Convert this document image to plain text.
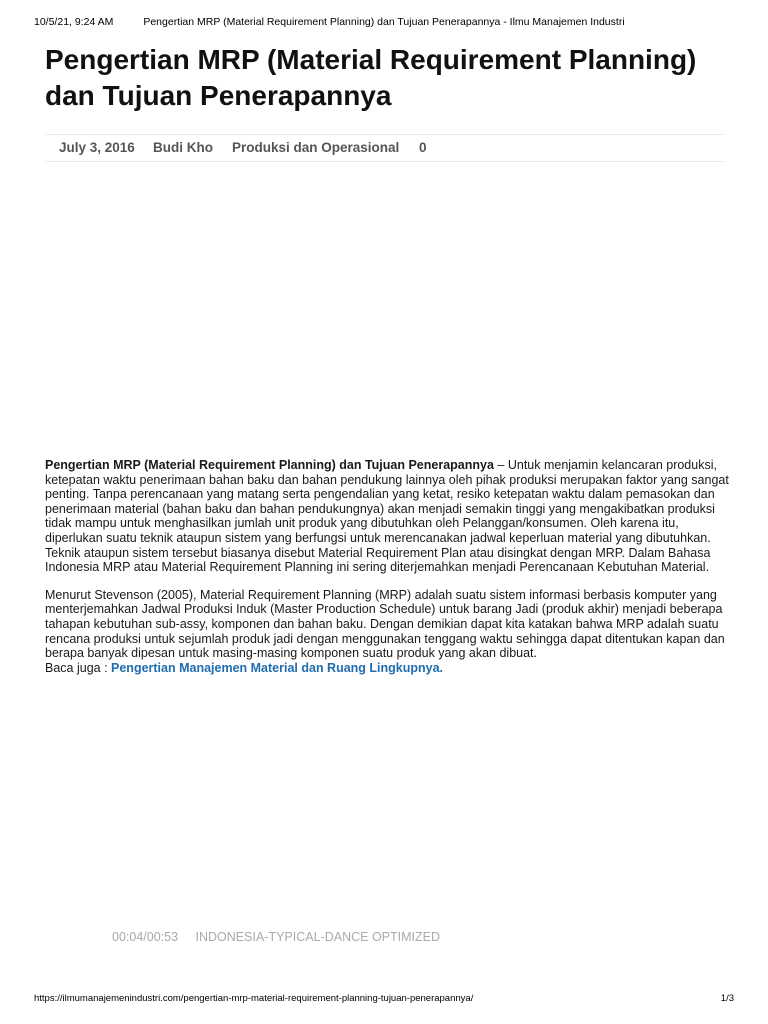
10/5/21, 9:24 AM	Pengertian MRP (Material Requirement Planning) dan Tujuan Penerapannya - Ilmu Manajemen Industri
Pengertian MRP (Material Requirement Planning) dan Tujuan Penerapannya
July 3, 2016 Budi Kho Produksi dan Operasional 0

Pengertian MRP (Material Requirement Planning) dan Tujuan Penerapannya – Untuk menjamin kelancaran produksi, ketepatan waktu penerimaan bahan baku dan bahan pendukung lainnya oleh pihak produksi merupakan faktor yang sangat penting. Tanpa perencanaan yang matang serta pengendalian yang ketat, resiko ketepatan waktu dalam pemasokan dan penerimaan material (bahan baku dan bahan pendukungnya) akan menjadi semakin tinggi yang mengakibatkan produksi tidak mampu untuk menghasilkan jumlah unit produk yang dibutuhkan oleh Pelanggan/konsumen. Oleh karena itu, diperlukan suatu teknik ataupun sistem yang berfungsi untuk merencanakan jadwal keperluan material yang dibutuhkan. Teknik ataupun sistem tersebut biasanya disebut Material Requirement Plan atau disingkat dengan MRP. Dalam Bahasa Indonesia MRP atau Material Requirement Planning ini sering diterjemahkan menjadi Perencanaan Kebutuhan Material.

Menurut Stevenson (2005), Material Requirement Planning (MRP) adalah suatu sistem informasi berbasis komputer yang menterjemahkan Jadwal Produksi Induk (Master Production Schedule) untuk barang Jadi (produk akhir) menjadi beberapa tahapan kebutuhan sub-assy, komponen dan bahan baku. Dengan demikian dapat kita katakan bahwa MRP adalah suatu rencana produksi untuk sejumlah produk jadi dengan menggunakan tenggang waktu sehingga dapat ditentukan kapan dan berapa banyak dipesan untuk masing-masing komponen suatu produk yang akan dibuat.
Baca juga : Pengertian Manajemen Material dan Ruang Lingkupnya.

00:04/00:53 INDONESIA-TYPICAL-DANCE OPTIMIZED
https://ilmumanajemenindustri.com/pengertian-mrp-material-requirement-planning-tujuan-penerapannya/	1/3
